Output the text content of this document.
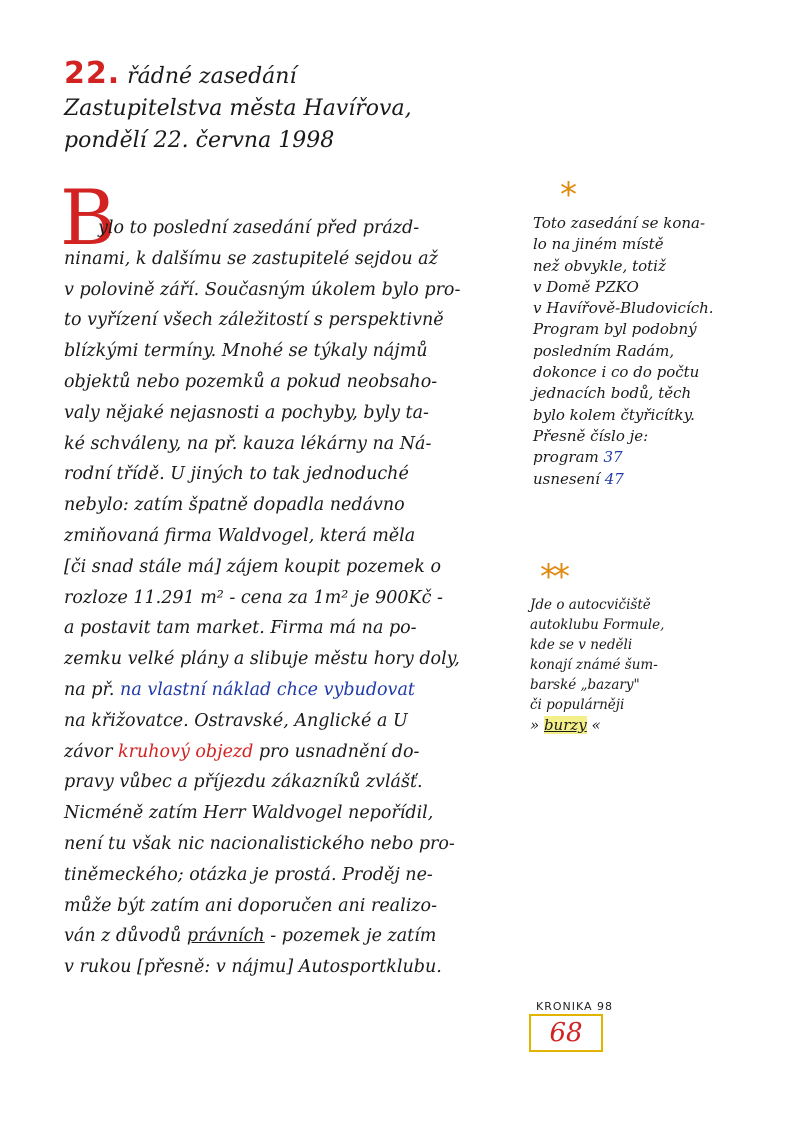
22. řádné zasedání
Zastupitelstva města Havířova,
pondělí 22. června 1998
B
ylo to poslední zasedání před prázd-
ninami, k dalšímu se zastupitelé sejdou až
v polovině září. Současným úkolem bylo pro-
to vyřízení všech záležitostí s perspektivně
blízkými termíny. Mnohé se týkaly nájmů
objektů nebo pozemků a pokud neobsaho-
valy nějaké nejasnosti a pochyby, byly ta-
ké schváleny, na př. kauza lékárny na Ná-
rodní třídě. U jiných to tak jednoduché
nebylo: zatím špatně dopadla nedávno
zmiňovaná firma Waldvogel, která měla
[či snad stále má] zájem koupit pozemek o
rozloze 11.291 m² - cena za 1m² je 900Kč -
a postavit tam market. Firma má na po-
zemku velké plány a slibuje městu hory doly,
na př. na vlastní náklad chce vybudovat
na křižovatce. Ostravské, Anglické a U
závor kruhový objezd pro usnadnění do-
pravy vůbec a příjezdu zákazníků zvlášť.
Nicméně zatím Herr Waldvogel nepořídil,
není tu však nic nacionalistického nebo pro-
tiněmeckého; otázka je prostá. Proděj ne-
může být zatím ani doporučen ani realizo-
ván z důvodů právních - pozemek je zatím
v rukou [přesně: v nájmu] Autosportklubu.
*
Toto zasedání se kona-
lo na jiném místě
než obvykle, totiž
v Domě PZKO
v Havířově-Bludovicích.
Program byl podobný
posledním Radám,
dokonce i co do počtu
jednacích bodů, těch
bylo kolem čtyřicítky.
Přesně číslo je:
program 37
usnesení 47
**
Jde o autocvičiště
autoklubu Formule,
kde se v neděli
konají známé šum-
barské „bazary"
či populárněji
» burzy «
KRONIKA 98
68
